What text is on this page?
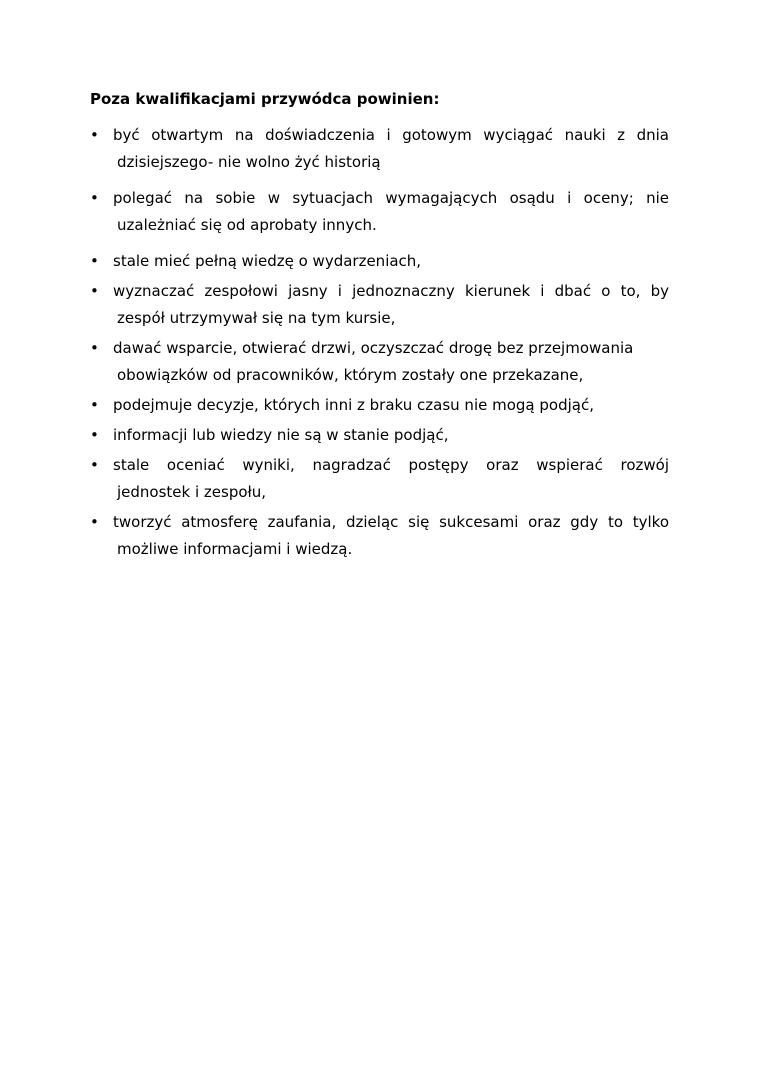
Poza kwalifikacjami przywódca powinien:
• być otwartym na doświadczenia i gotowym wyciągać nauki z dnia
dzisiejszego- nie wolno żyć historią
• polegać na sobie w sytuacjach wymagających osądu i oceny; nie
uzależniać się od aprobaty innych.
• stale mieć pełną wiedzę o wydarzeniach,
• wyznaczać zespołowi jasny i jednoznaczny kierunek i dbać o to, by
zespół utrzymywał się na tym kursie,
• dawać wsparcie, otwierać drzwi, oczyszczać drogę bez przejmowania
obowiązków od pracowników, którym zostały one przekazane,
• podejmuje decyzje, których inni z braku czasu nie mogą podjąć,
• informacji lub wiedzy nie są w stanie podjąć,
• stale oceniać wyniki, nagradzać postępy oraz wspierać rozwój
jednostek i zespołu,
• tworzyć atmosferę zaufania, dzieląc się sukcesami oraz gdy to tylko
możliwe informacjami i wiedzą.
